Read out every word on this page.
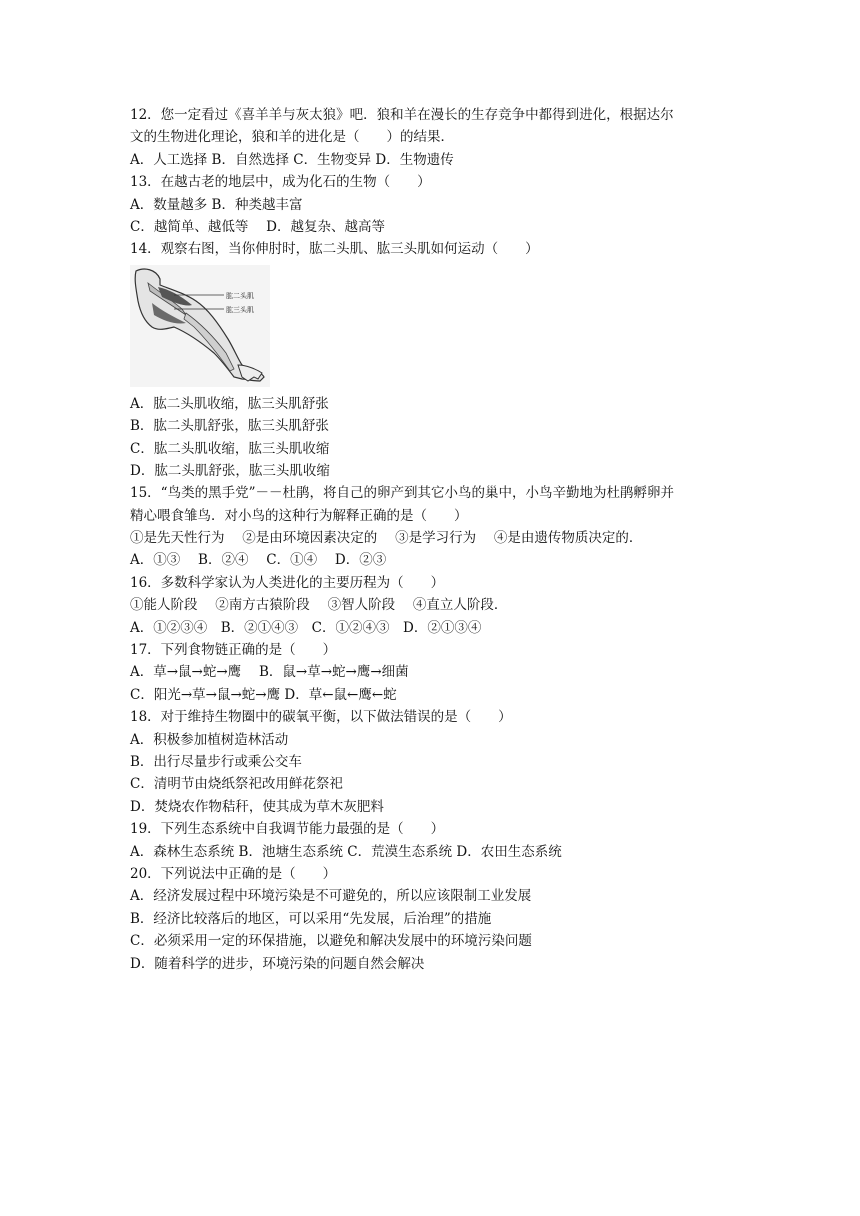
12．您一定看过《喜羊羊与灰太狼》吧．狼和羊在漫长的生存竞争中都得到进化，根据达尔
文的生物进化理论，狼和羊的进化是（　　）的结果．
A．人工选择 B．自然选择 C．生物变异 D．生物遗传
13．在越古老的地层中，成为化石的生物（　　）
A．数量越多 B．种类越丰富
C．越简单、越低等　 D．越复杂、越高等
14．观察右图，当你伸肘时，肱二头肌、肱三头肌如何运动（　　）
肱二头肌
肱三头肌
A．肱二头肌收缩，肱三头肌舒张
B．肱二头肌舒张，肱三头肌舒张
C．肱二头肌收缩，肱三头肌收缩
D．肱二头肌舒张，肱三头肌收缩
15．“鸟类的黑手党”－－杜鹃，将自己的卵产到其它小鸟的巢中，小鸟辛勤地为杜鹃孵卵并
精心喂食雏鸟．对小鸟的这种行为解释正确的是（　　）
①是先天性行为　 ②是由环境因素决定的　 ③是学习行为　 ④是由遗传物质决定的．
A．①③　 B．②④　 C．①④　 D．②③
16．多数科学家认为人类进化的主要历程为（　　）
①能人阶段　 ②南方古猿阶段　 ③智人阶段　 ④直立人阶段．
A．①②③④　B．②①④③　C．①②④③　D．②①③④
17．下列食物链正确的是（　　）
A．草→鼠→蛇→鹰　 B．鼠→草→蛇→鹰→细菌
C．阳光→草→鼠→蛇→鹰 D．草←鼠←鹰←蛇
18．对于维持生物圈中的碳氧平衡，以下做法错误的是（　　）
A．积极参加植树造林活动
B．出行尽量步行或乘公交车
C．清明节由烧纸祭祀改用鲜花祭祀
D．焚烧农作物秸秆，使其成为草木灰肥料
19．下列生态系统中自我调节能力最强的是（　　）
A．森林生态系统 B．池塘生态系统 C．荒漠生态系统 D．农田生态系统
20．下列说法中正确的是（　　）
A．经济发展过程中环境污染是不可避免的，所以应该限制工业发展
B．经济比较落后的地区，可以采用“先发展，后治理”的措施
C．必须采用一定的环保措施，以避免和解决发展中的环境污染问题
D．随着科学的进步，环境污染的问题自然会解决
